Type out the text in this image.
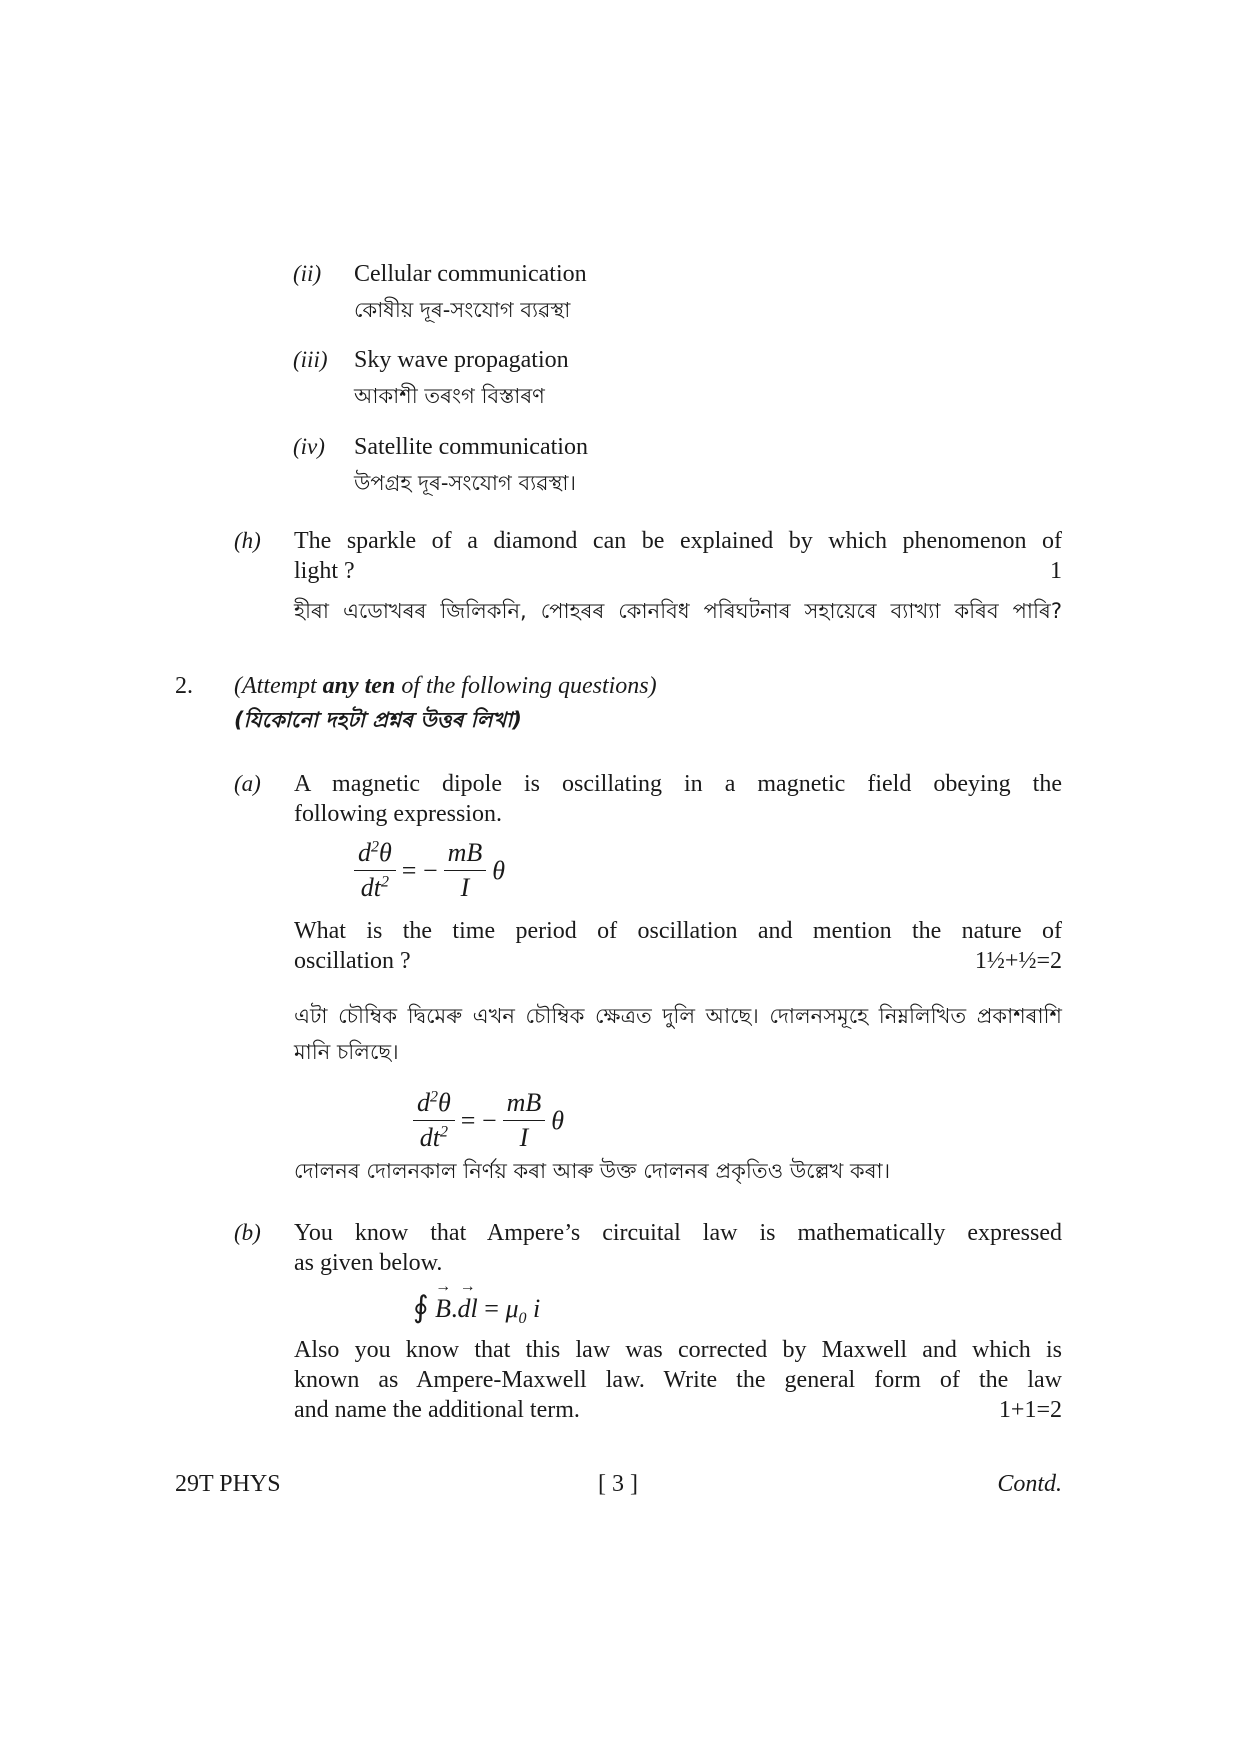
(ii) Cellular communication
কোষীয় দূৰ-সংযোগ ব্যৱস্থা
(iii) Sky wave propagation
আকাশী তৰংগ বিস্তাৰণ
(iv) Satellite communication
উপগ্ৰহ দূৰ-সংযোগ ব্যৱস্থা।
(h) The sparkle of a diamond can be explained by which phenomenon of
light ?	1
হীৰা এডোখৰৰ জিলিকনি, পোহৰৰ কোনবিধ পৰিঘটনাৰ সহায়েৰে ব্যাখ্যা কৰিব পাৰি?
2. (Attempt any ten of the following questions)
(যিকোনো দহটা প্ৰশ্নৰ উত্তৰ লিখা)
(a) A magnetic dipole is oscillating in a magnetic field obeying the
following expression.
$\frac{d^2\theta}{dt^2}$ = − $\frac{mB}{I}$ θ
What is the time period of oscillation and mention the nature of
oscillation ?	1½+½=2
এটা চৌম্বিক দ্বিমেৰু এখন চৌম্বিক ক্ষেত্ৰত দুলি আছে। দোলনসমূহে নিম্নলিখিত প্ৰকাশৰাশি
মানি চলিছে।
$\frac{d^2\theta}{dt^2}$ = − $\frac{mB}{I}$ θ
দোলনৰ দোলনকাল নিৰ্ণয় কৰা আৰু উক্ত দোলনৰ প্ৰকৃতিও উল্লেখ কৰা।
(b) You know that Ampere’s circuital law is mathematically expressed
as given below.
∮ → B.→ dl = $\mu_0$ i
Also you know that this law was corrected by Maxwell and which is
known as Ampere-Maxwell law. Write the general form of the law
and name the additional term.	1+1=2
29T PHYS	[ 3 ]	Contd.
